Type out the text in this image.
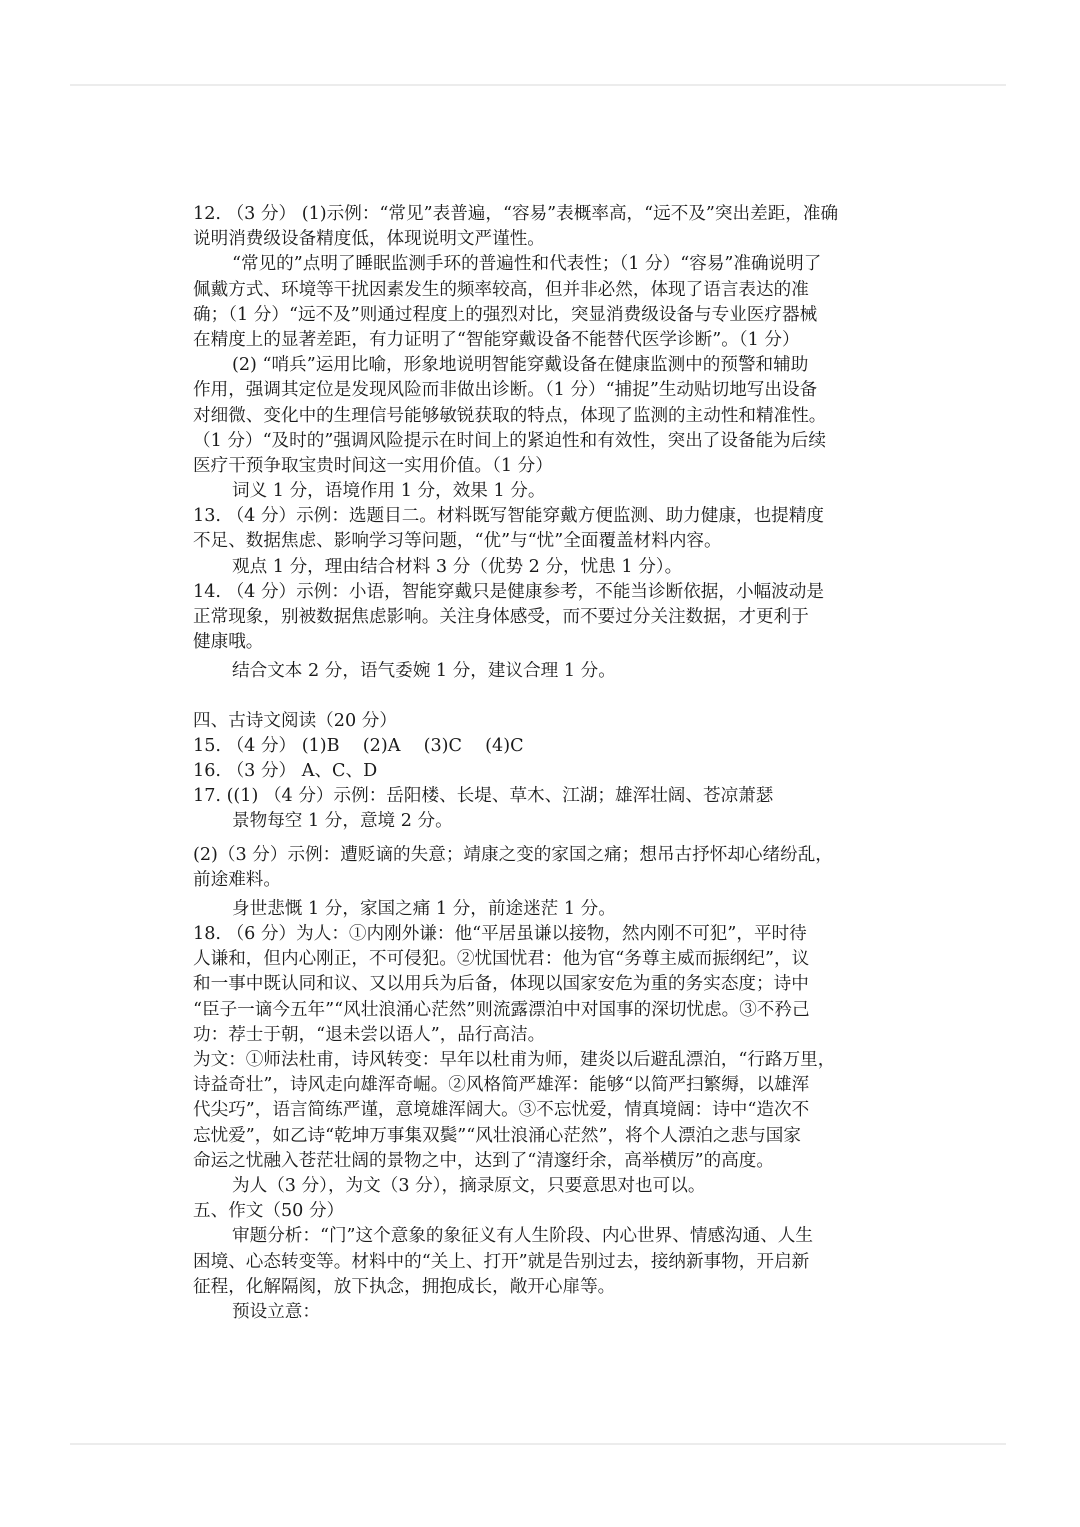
12. （3 分） (1)示例：“常见”表普遍，“容易”表概率高，“远不及”突出差距，准确
说明消费级设备精度低，体现说明文严谨性。
“常见的”点明了睡眠监测手环的普遍性和代表性；（1 分）“容易”准确说明了
佩戴方式、环境等干扰因素发生的频率较高，但并非必然，体现了语言表达的准
确；（1 分）“远不及”则通过程度上的强烈对比，突显消费级设备与专业医疗器械
在精度上的显著差距，有力证明了“智能穿戴设备不能替代医学诊断”。（1 分）
(2) “哨兵”运用比喻，形象地说明智能穿戴设备在健康监测中的预警和辅助
作用，强调其定位是发现风险而非做出诊断。（1 分）“捕捉”生动贴切地写出设备
对细微、变化中的生理信号能够敏锐获取的特点，体现了监测的主动性和精准性。
（1 分）“及时的”强调风险提示在时间上的紧迫性和有效性，突出了设备能为后续
医疗干预争取宝贵时间这一实用价值。（1 分）
词义 1 分，语境作用 1 分，效果 1 分。
13. （4 分）示例：选题目二。材料既写智能穿戴方便监测、助力健康，也提精度
不足、数据焦虑、影响学习等问题，“优”与“忧”全面覆盖材料内容。
观点 1 分，理由结合材料 3 分（优势 2 分，忧患 1 分）。
14. （4 分）示例：小语，智能穿戴只是健康参考，不能当诊断依据，小幅波动是
正常现象，别被数据焦虑影响。关注身体感受，而不要过分关注数据，才更利于
健康哦。
结合文本 2 分，语气委婉 1 分，建议合理 1 分。
四、古诗文阅读（20 分）
15. （4 分） (1)B　 (2)A　 (3)C　 (4)C
16. （3 分） A、C、D
17. ((1) （4 分）示例：岳阳楼、长堤、草木、江湖；雄浑壮阔、苍凉萧瑟
景物每空 1 分，意境 2 分。
(2)（3 分）示例：遭贬谪的失意；靖康之变的家国之痛；想吊古抒怀却心绪纷乱，
前途难料。
身世悲慨 1 分，家国之痛 1 分，前途迷茫 1 分。
18. （6 分）为人：①内刚外谦：他“平居虽谦以接物，然内刚不可犯”，平时待
人谦和，但内心刚正，不可侵犯。②忧国忧君：他为官“务尊主威而振纲纪”，议
和一事中既认同和议、又以用兵为后备，体现以国家安危为重的务实态度；诗中
“臣子一谪今五年”“风壮浪涌心茫然”则流露漂泊中对国事的深切忧虑。③不矜己
功：荐士于朝，“退未尝以语人”，品行高洁。
为文：①师法杜甫，诗风转变：早年以杜甫为师，建炎以后避乱漂泊，“行路万里，
诗益奇壮”，诗风走向雄浑奇崛。②风格简严雄浑：能够“以简严扫繁缛，以雄浑
代尖巧”，语言简练严谨，意境雄浑阔大。③不忘忧爱，情真境阔：诗中“造次不
忘忧爱”，如乙诗“乾坤万事集双鬓”“风壮浪涌心茫然”，将个人漂泊之悲与国家
命运之忧融入苍茫壮阔的景物之中，达到了“清邃纡余，高举横厉”的高度。
为人（3 分），为文（3 分），摘录原文，只要意思对也可以。
五、作文（50 分）
审题分析：“门”这个意象的象征义有人生阶段、内心世界、情感沟通、人生
困境、心态转变等。材料中的“关上、打开”就是告别过去，接纳新事物，开启新
征程，化解隔阂，放下执念，拥抱成长，敞开心扉等。
预设立意：
